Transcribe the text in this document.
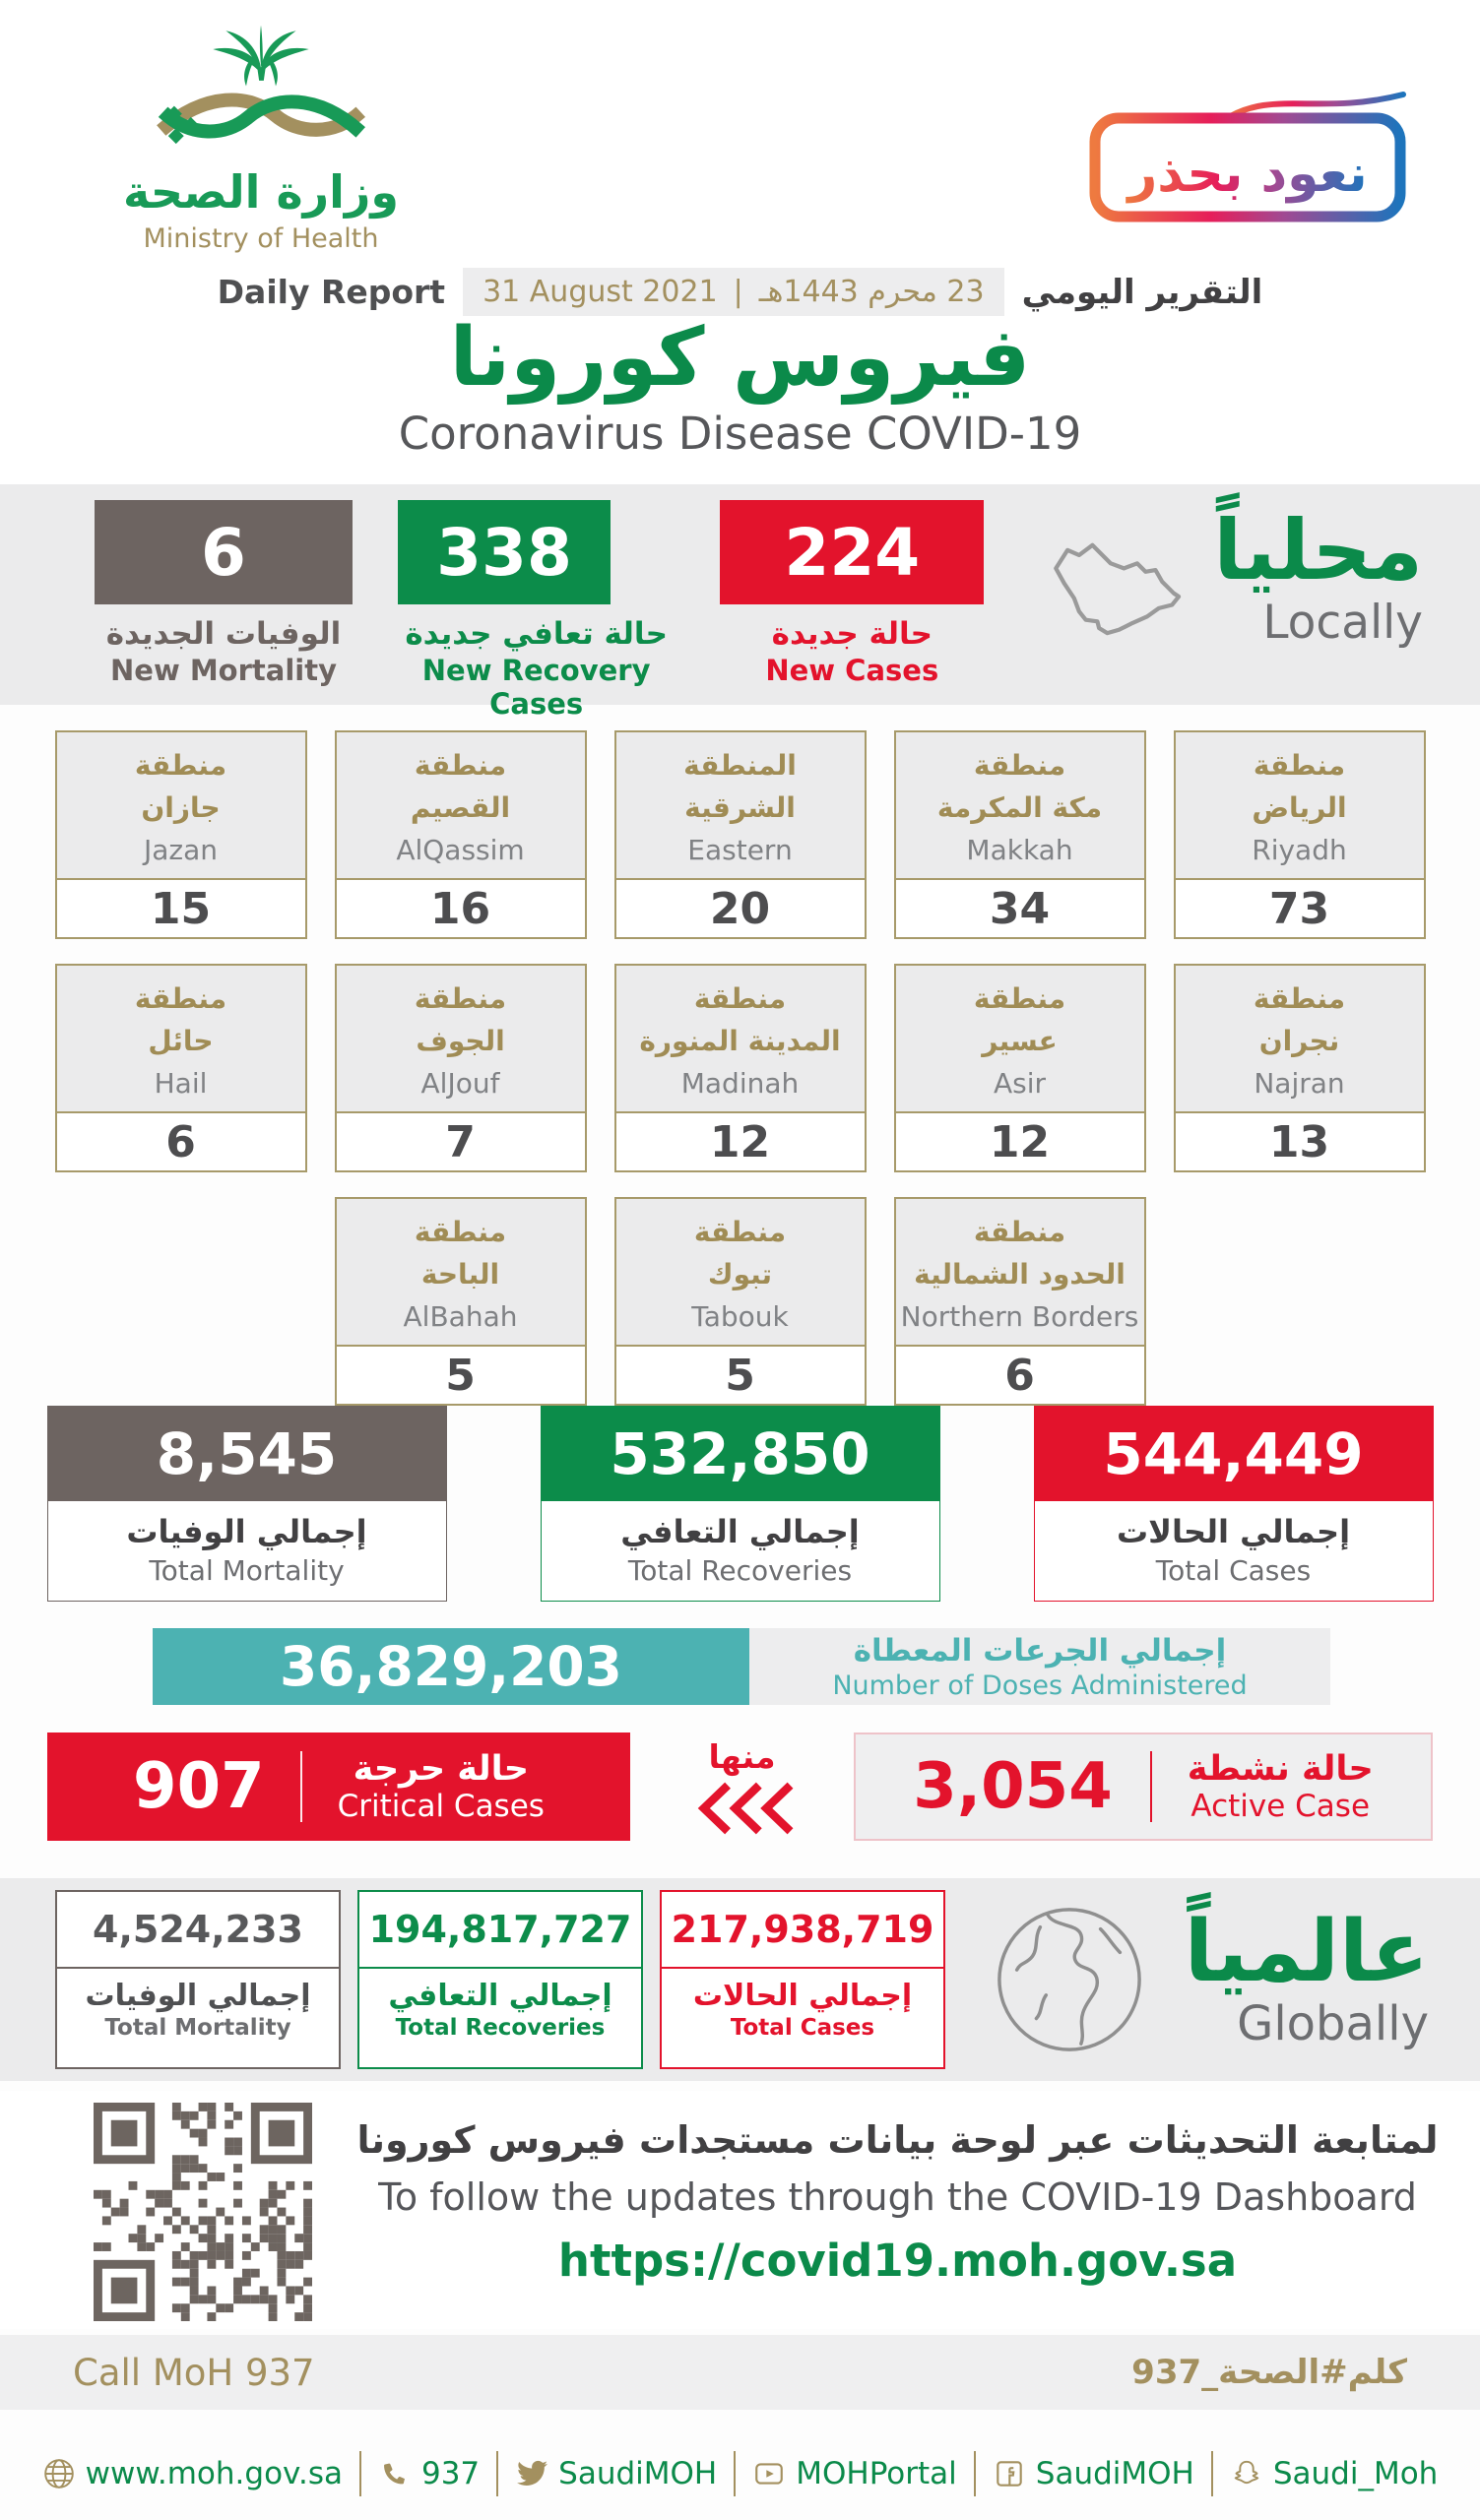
وزارة الصحة
Ministry of Health
نعود بحذر
Daily Report 31 August 2021 | 23 محرم 1443هـ التقرير اليومي
فيروس كورونا
Coronavirus Disease COVID-19
6
الوفيات الجديدة
New Mortality
338
حالة تعافي جديدة
New Recovery Cases
224
حالة جديدة
New Cases
محلياً
Locally
منطقة
جازان
Jazan
15
منطقة
القصيم
AlQassim
16
المنطقة
الشرقية
Eastern
20
منطقة
مكة المكرمة
Makkah
34
منطقة
الرياض
Riyadh
73
منطقة
حائل
Hail
6
منطقة
الجوف
AlJouf
7
منطقة
المدينة المنورة
Madinah
12
منطقة
عسير
Asir
12
منطقة
نجران
Najran
13
منطقة
الباحة
AlBahah
5
منطقة
تبوك
Tabouk
5
منطقة
الحدود الشمالية
Northern Borders
6
8,545
إجمالي الوفيات
Total Mortality
532,850
إجمالي التعافي
Total Recoveries
544,449
إجمالي الحالات
Total Cases
36,829,203	إجمالي الجرعات المعطاة
Number of Doses Administered
907	حالة حرجة
Critical Cases
منها	3,054 حالة نشطة
Active Case
4,524,233
إجمالي الوفيات
Total Mortality
194,817,727
إجمالي التعافي
Total Recoveries
217,938,719
إجمالي الحالات
Total Cases
عالمياً
Globally
لمتابعة التحديثات عبر لوحة بيانات مستجدات فيروس كورونا
To follow the updates through the COVID-19 Dashboard
https://covid19.moh.gov.sa
Call MoH 937	كلم#الصحة_937
www.moh.gov.sa	937	SaudiMOH	MOHPortal	SaudiMOH	Saudi_Moh
